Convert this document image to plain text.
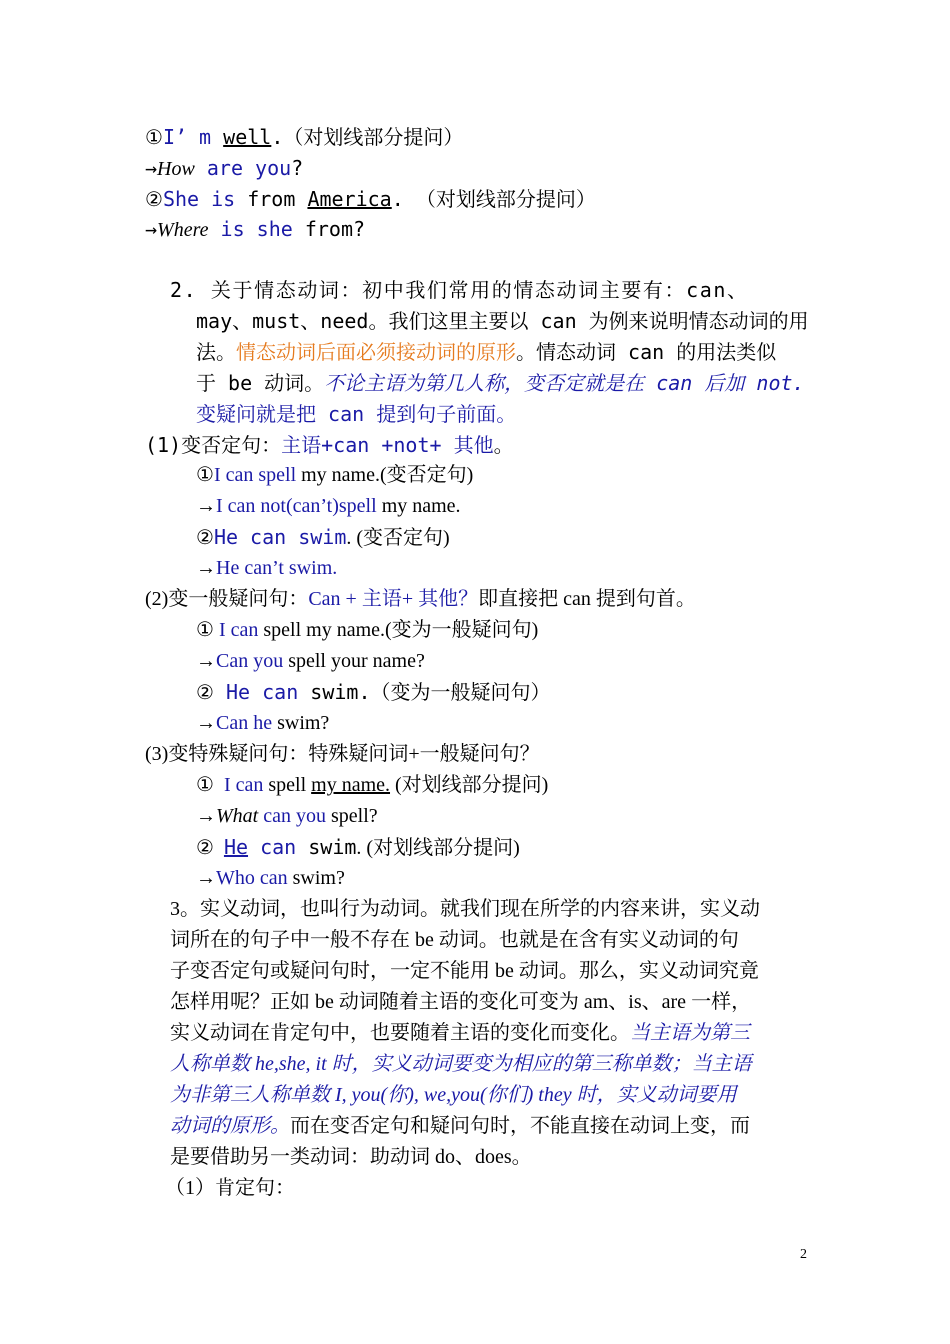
①I’ m well.（对划线部分提问）
→How are you?
②She is from America. （对划线部分提问）
→Where is she from?
2. 关于情态动词：初中我们常用的情态动词主要有：can、
may、must、need。我们这里主要以 can 为例来说明情态动词的用
法。情态动词后面必须接动词的原形。情态动词 can 的用法类似
于 be 动词。不论主语为第几人称，变否定就是在 can 后加 not.
变疑问就是把 can 提到句子前面。
(1)变否定句：主语+can +not+ 其他。
①I can spell my name.(变否定句)
→I can not(can’t)spell my name.
②He can swim. (变否定句)
→He can’t swim.
(2)变一般疑问句：Can + 主语+ 其他？即直接把 can 提到句首。
① I can spell my name.(变为一般疑问句)
→Can you spell your name?
② He can swim.（变为一般疑问句）
→Can he swim?
(3)变特殊疑问句：特殊疑问词+一般疑问句？
①  I can spell my name. (对划线部分提问)
→What can you spell?
②  He can swim. (对划线部分提问)
→Who can swim?
3。实义动词，也叫行为动词。就我们现在所学的内容来讲，实义动
词所在的句子中一般不存在 be 动词。也就是在含有实义动词的句
子变否定句或疑问句时，一定不能用 be 动词。那么，实义动词究竟
怎样用呢？正如 be 动词随着主语的变化可变为 am、is、are 一样，
实义动词在肯定句中，也要随着主语的变化而变化。当主语为第三
人称单数 he,she, it 时，实义动词要变为相应的第三称单数；当主语
为非第三人称单数 I, you(你), we,you(你们) they 时，实义动词要用
动词的原形。而在变否定句和疑问句时，不能直接在动词上变，而
是要借助另一类动词：助动词 do、does。
（1）肯定句：
2
